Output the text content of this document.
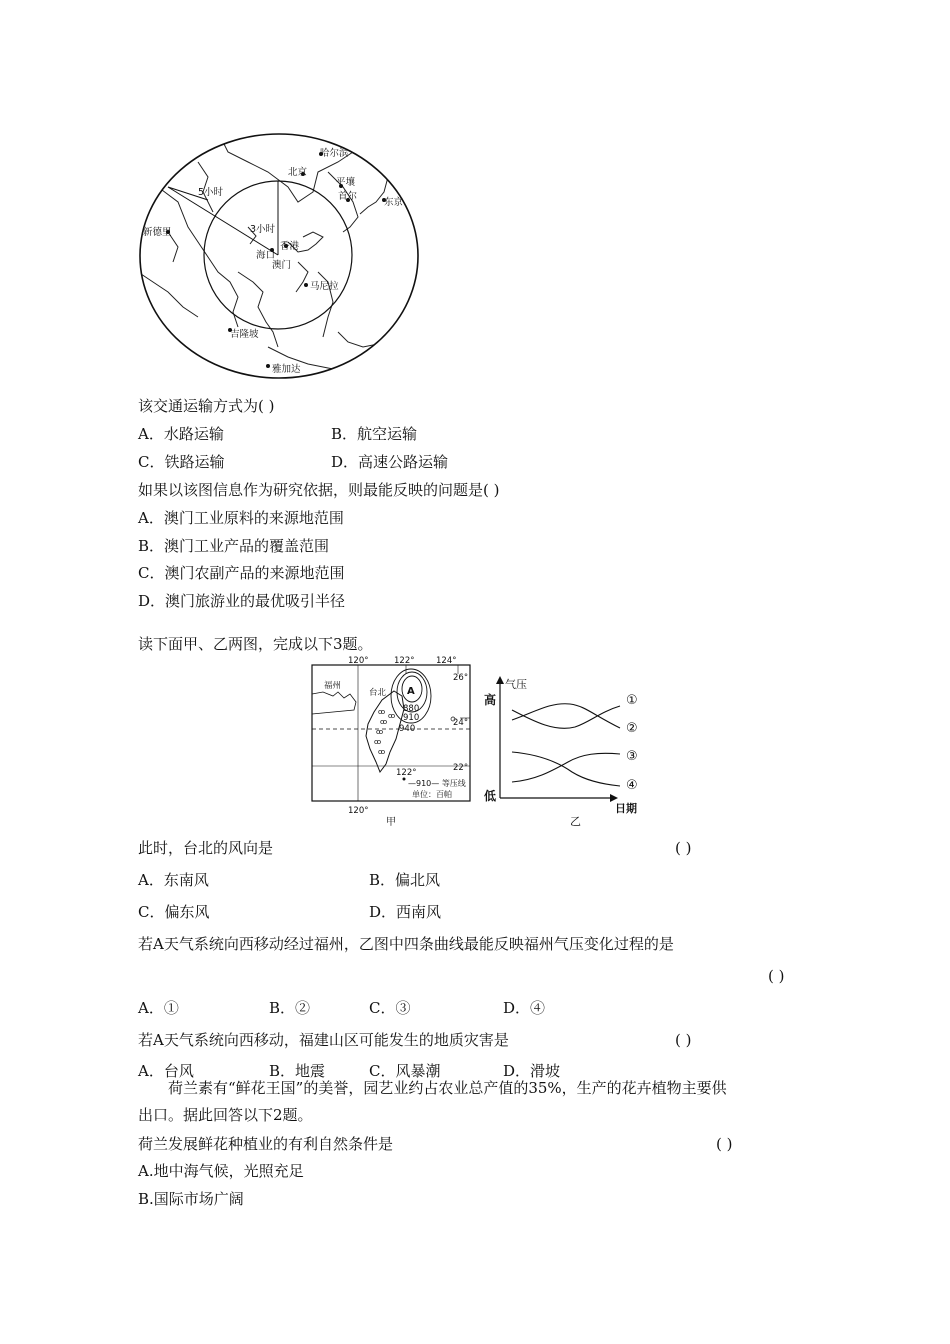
哈尔滨
北京
平壤
首尔
东京
5小时
3小时
新德里
香港
海口
澳门
马尼拉
吉隆坡
雅加达
该交通运输方式为( )
A．水路运输	B．航空运输
C．铁路运输	D．高速公路运输
如果以该图信息作为研究依据，则最能反映的问题是( )
A．澳门工业原料的来源地范围
B．澳门工业产品的覆盖范围
C．澳门农副产品的来源地范围
D．澳门旅游业的最优吸引半径
读下面甲、乙两图，完成以下3题。
ꝏ
ꝏ
ꝏ
ꝏ
ꝏ
ꝏ
120°	122°	124°
26°
24°
22°
福州
台北 A
880
910
940
122°
120°
—910— 等压线
单位：百帕
甲
气压
高
低
日期
①
②
③
④
乙
此时，台北的风向是	( )
A．东南风	B．偏北风
C．偏东风	D．西南风
若A天气系统向西移动经过福州，乙图中四条曲线最能反映福州气压变化过程的是
( )
A．①	B．②	C．③	D．④
若A天气系统向西移动，福建山区可能发生的地质灾害是	( )
A．台风	B．地震	C．风暴潮	D．滑坡
荷兰素有“鲜花王国”的美誉，园艺业约占农业总产值的35%，生产的花卉植物主要供
出口。据此回答以下2题。
荷兰发展鲜花种植业的有利自然条件是	( )
A.地中海气候，光照充足
B.国际市场广阔
